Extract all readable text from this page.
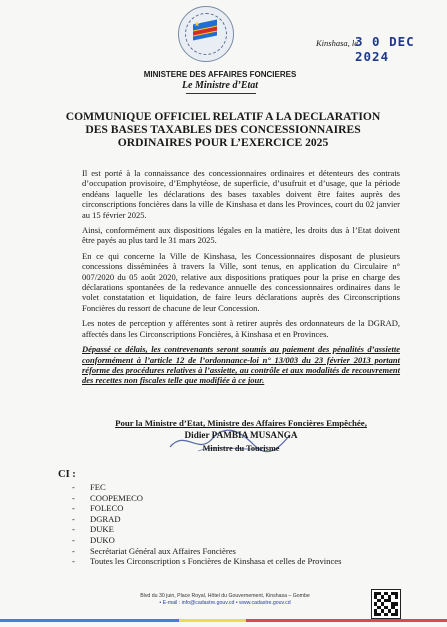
Kinshasa, le
3 0 DEC 2024
MINISTERE DES AFFAIRES FONCIERES
Le Ministre d’Etat
COMMUNIQUE OFFICIEL RELATIF A LA DECLARATION
DES BASES TAXABLES DES CONCESSIONNAIRES
ORDINAIRES POUR L’EXERCICE 2025

Il est porté à la connaissance des concessionnaires ordinaires et détenteurs des contrats d’occupation provisoire, d’Emphytéose, de superficie, d’usufruit et d’usage, que la période endéans laquelle les déclarations des bases taxables doivent être faites auprès des circonscriptions foncières dans la ville de Kinshasa et dans les Provinces, court du 02 janvier au 15 février 2025.

Ainsi, conformément aux dispositions légales en la matière, les droits dus à l’Etat doivent être payés au plus tard le 31 mars 2025.

En ce qui concerne la Ville de Kinshasa, les Concessionnaires disposant de plusieurs concessions disséminées à travers la Ville, sont tenus, en application du Circulaire n° 007/2020 du 05 août 2020, relative aux dispositions pratiques pour la prise en charge des déclarations spontanées de la redevance annuelle des concessionnaires ordinaires dans le volet constatation et liquidation, de faire leurs déclarations auprès des Circonscriptions Foncières du ressort de chacune de leur Concession.

Les notes de perception y afférentes sont à retirer auprès des ordonnateurs de la DGRAD, affectés dans les Circonscriptions Foncières, à Kinshasa et en Provinces.

Dépassé ce délais, les contrevenants seront soumis au paiement des pénalités d’assiette conformément à l’article 12 de l’ordonnance-loi n° 13/003 du 23 février 2013 portant réforme des procédures relatives à l’assiette, au contrôle et aux modalités de recouvrement des recettes non fiscales telle que modifiée à ce jour.

Pour la Ministre d’Etat, Ministre des Affaires Foncières Empêchée,
Didier PAMBIA MUSANGA
Ministre du Tourisme
CI :
- FEC
- COOPEMECO
- FOLECO
- DGRAD
- DUKE
- DUKO
- Secrétariat Général aux Affaires Foncières
- Toutes les Circonscription s Foncières de Kinshasa et celles de Provinces
Blvd du 30 juin, Place Royal, Hôtel du Gouvernement, Kinshasa – Gombe
• E-mail : info@cadastre.gouv.cd • www.cadastre.gouv.cd
